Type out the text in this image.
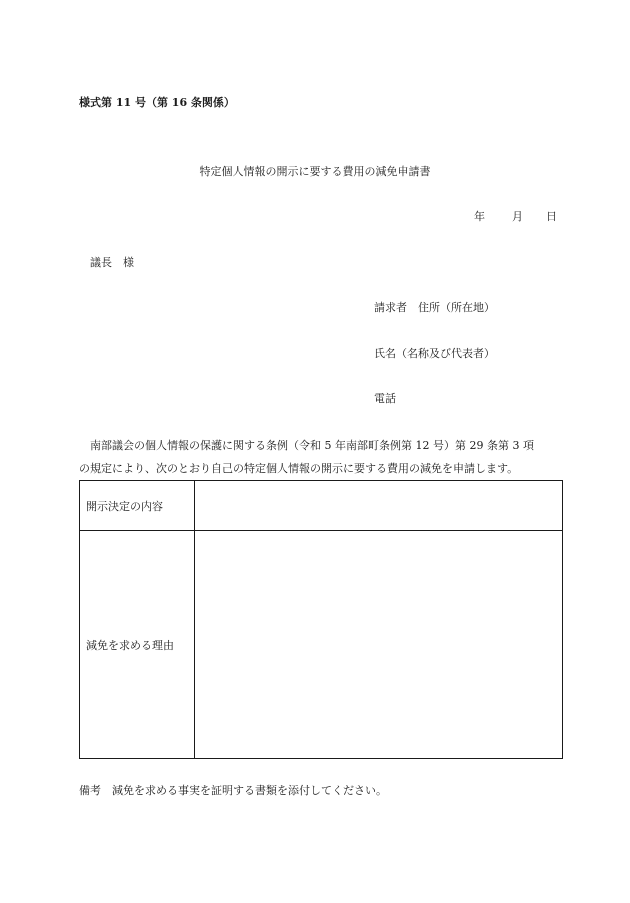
様式第 11 号（第 16 条関係）
特定個人情報の開示に要する費用の減免申請書
年 月 日
議長　様
請求者　住所（所在地）
氏名（名称及び代表者）
電話
南部議会の個人情報の保護に関する条例（令和 5 年南部町条例第 12 号）第 29 条第 3 項
の規定により、次のとおり自己の特定個人情報の開示に要する費用の減免を申請します。
開示決定の内容	
減免を求める理由	
備考　減免を求める事実を証明する書類を添付してください。
